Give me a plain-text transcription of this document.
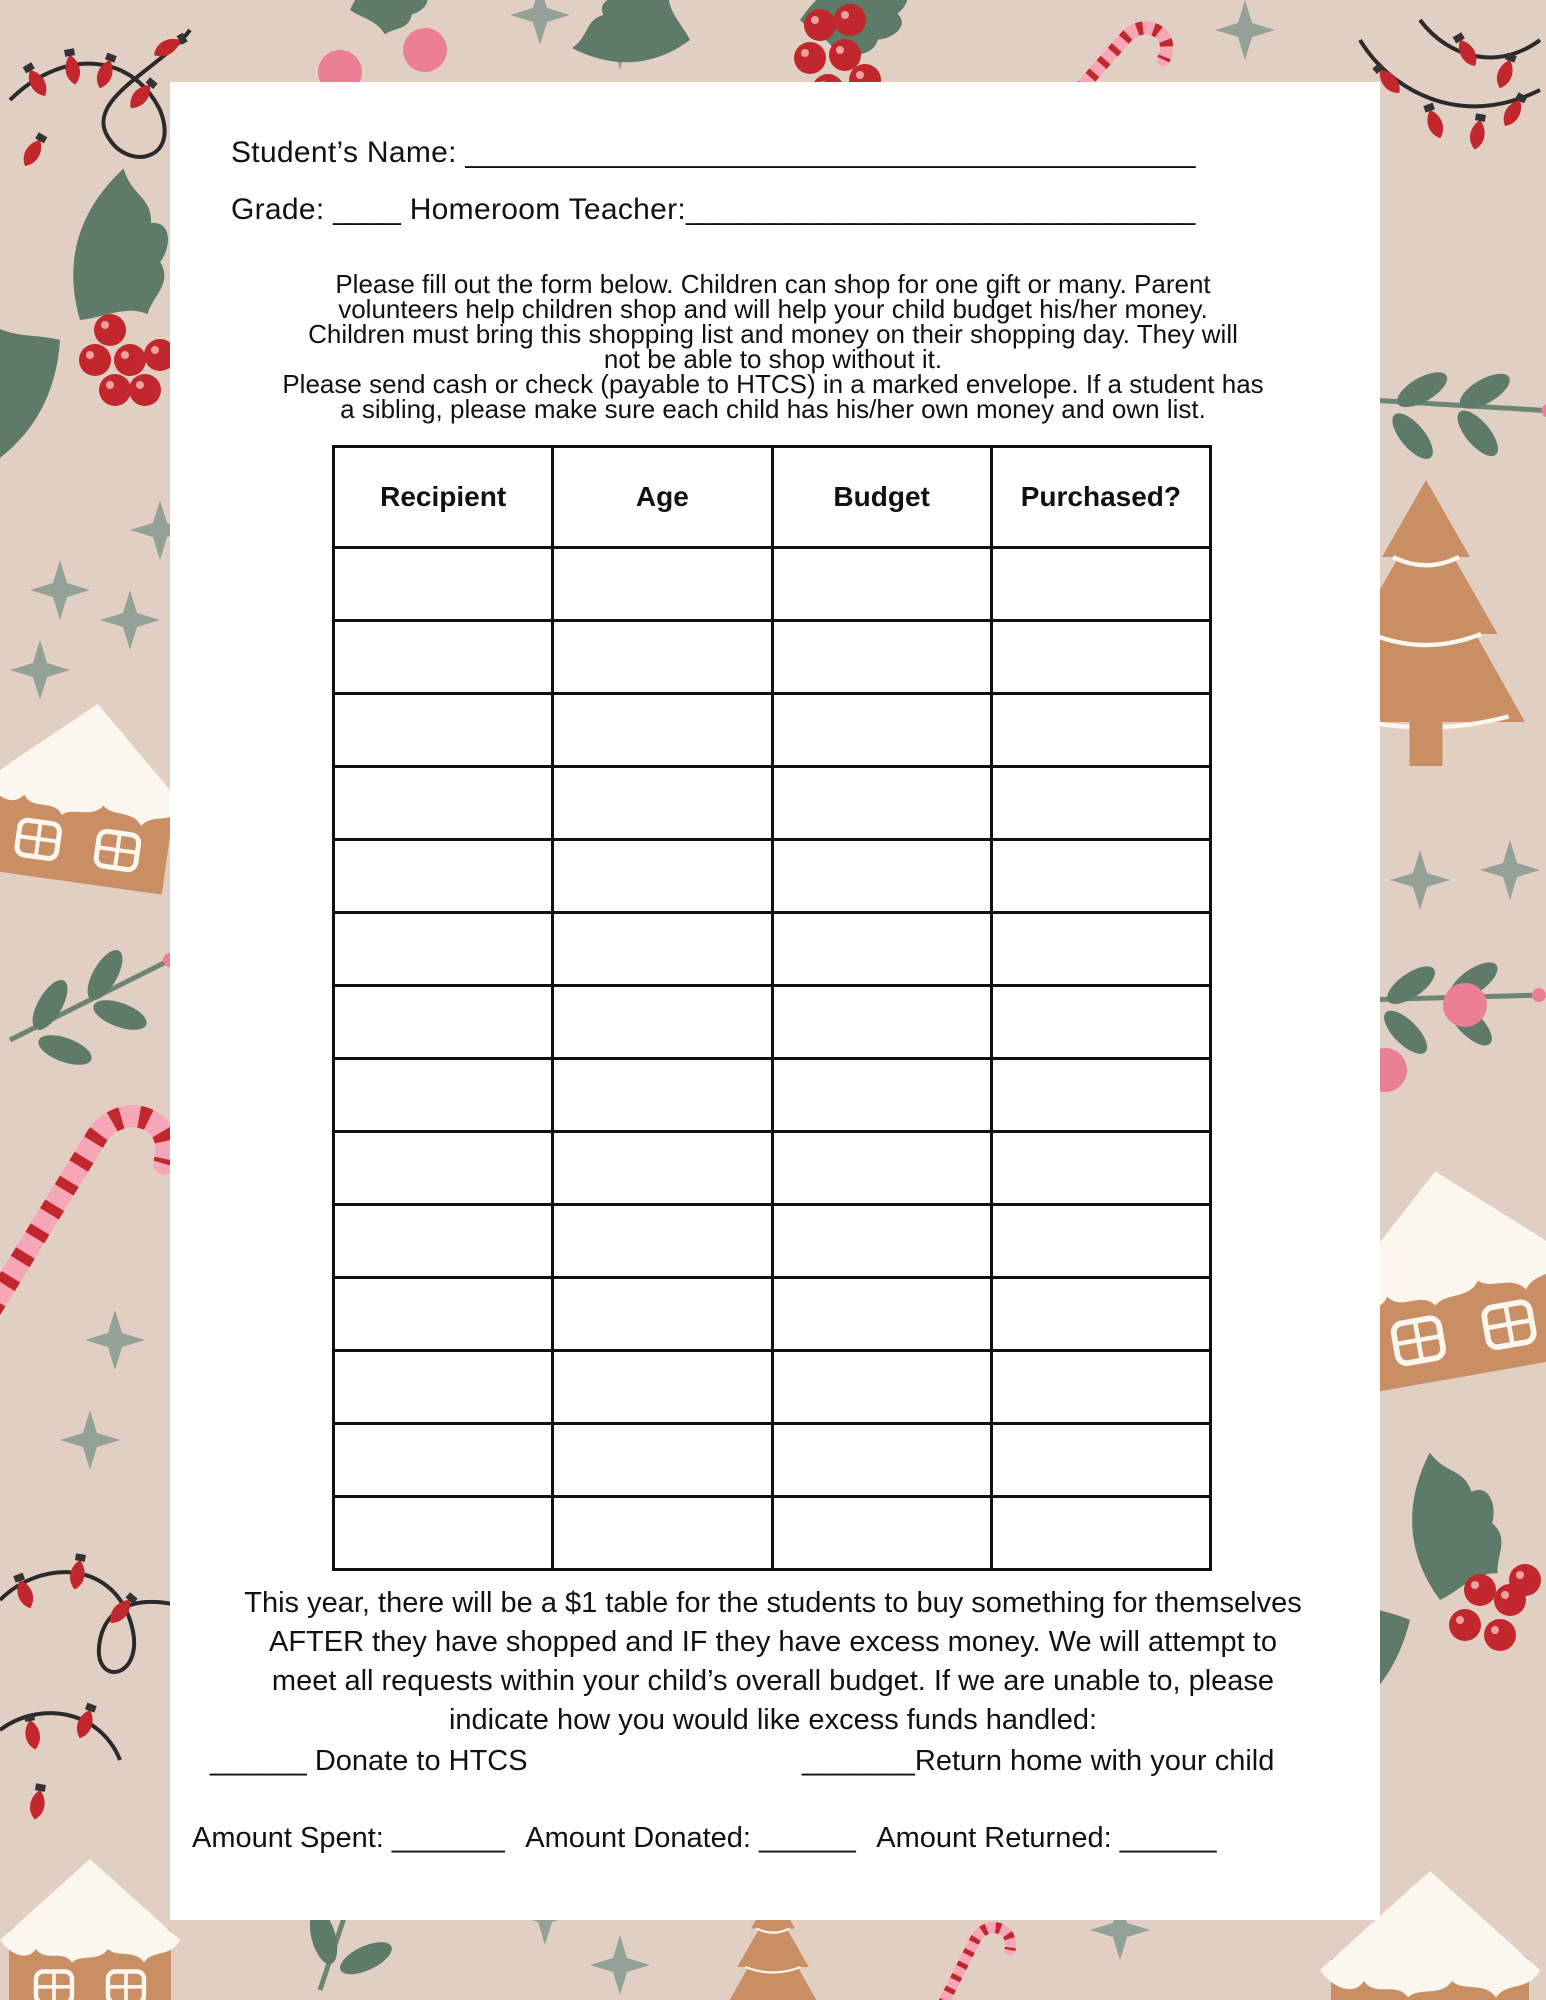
Student’s Name: ___________________________________________
Grade: ____ Homeroom Teacher:______________________________
Please fill out the form below. Children can shop for one gift or many. Parent
volunteers help children shop and will help your child budget his/her money.
Children must bring this shopping list and money on their shopping day. They will
not be able to shop without it.
Please send cash or check (payable to HTCS) in a marked envelope. If a student has
a sibling, please make sure each child has his/her own money and own list.
Recipient	Age	Budget	Purchased?

This year, there will be a $1 table for the students to buy something for themselves
AFTER they have shopped and IF they have excess money. We will attempt to
meet all requests within your child’s overall budget. If we are unable to, please
indicate how you would like excess funds handled:
______ Donate to HTCS	_______Return home with your child
Amount Spent: _______ Amount Donated: ______ Amount Returned: ______
